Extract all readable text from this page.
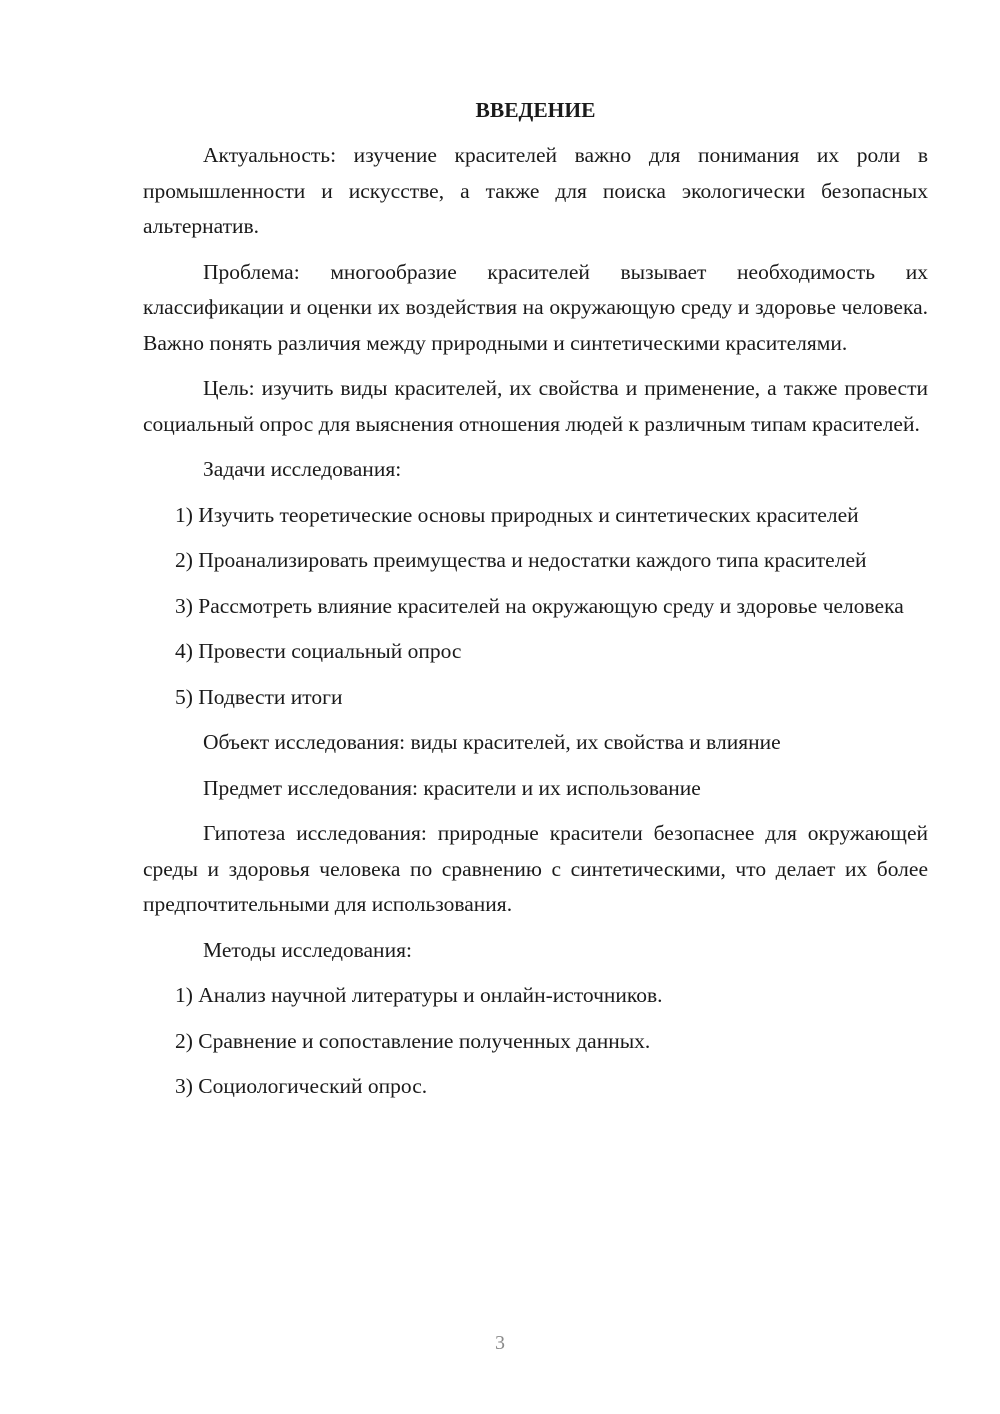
ВВЕДЕНИЕ

Актуальность: изучение красителей важно для понимания их роли в промышленности и искусстве, а также для поиска экологически безопасных альтернатив.

Проблема: многообразие красителей вызывает необходимость их классификации и оценки их воздействия на окружающую среду и здоровье человека. Важно понять различия между природными и синтетическими красителями.

Цель: изучить виды красителей, их свойства и применение, а также провести социальный опрос для выяснения отношения людей к различным типам красителей.

Задачи исследования:

1) Изучить теоретические основы природных и синтетических красителей

2) Проанализировать преимущества и недостатки каждого типа красителей

3) Рассмотреть влияние красителей на окружающую среду и здоровье человека

4) Провести социальный опрос

5) Подвести итоги

Объект исследования: виды красителей, их свойства и влияние

Предмет исследования: красители и их использование

Гипотеза исследования: природные красители безопаснее для окружающей среды и здоровья человека по сравнению с синтетическими, что делает их более предпочтительными для использования.

Методы исследования:

1) Анализ научной литературы и онлайн-источников.

2) Сравнение и сопоставление полученных данных.

3) Социологический опрос.

3
